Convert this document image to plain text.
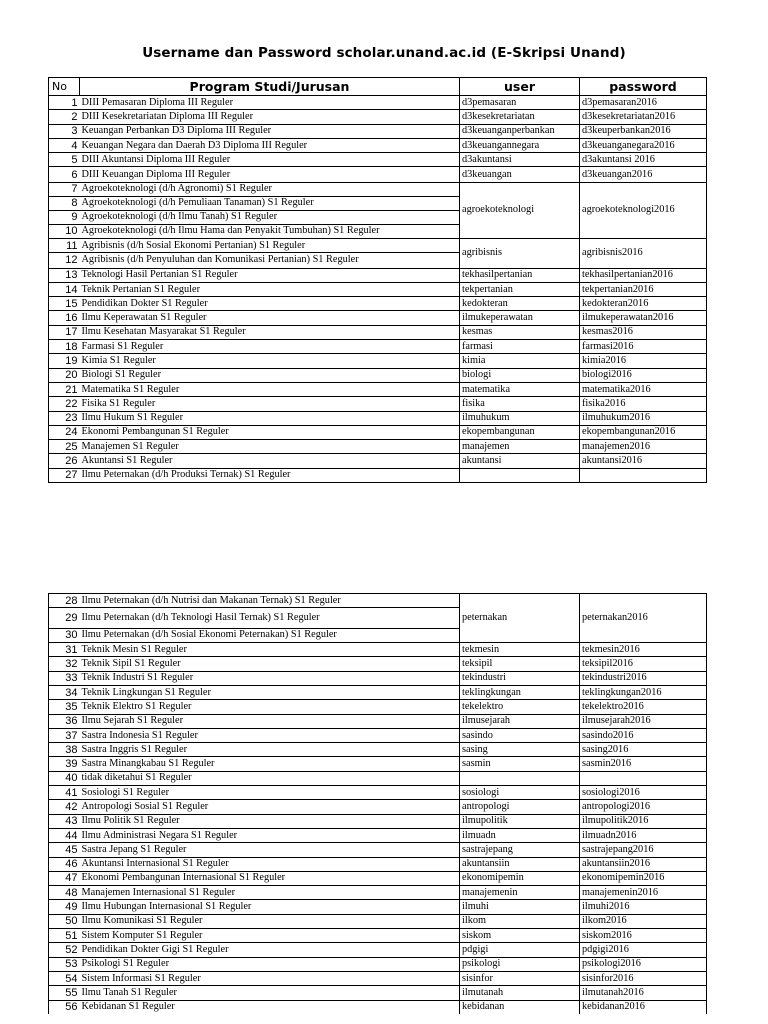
Username dan Password scholar.unand.ac.id (E-Skripsi Unand)
No	Program Studi/Jurusan	user	password
1	DIII Pemasaran Diploma III Reguler	d3pemasaran	d3pemasaran2016
2	DIII Kesekretariatan Diploma III Reguler	d3kesekretariatan	d3kesekretariatan2016
3	Keuangan Perbankan D3 Diploma III Reguler	d3keuanganperbankan	d3keuperbankan2016
4	Keuangan Negara dan Daerah D3 Diploma III Reguler	d3keuangannegara	d3keuanganegara2016
5	DIII Akuntansi Diploma III Reguler	d3akuntansi	d3akuntansi 2016
6	DIII Keuangan Diploma III Reguler	d3keuangan	d3keuangan2016
7	Agroekoteknologi (d/h Agronomi) S1 Reguler	agroekoteknologi	agroekoteknologi2016
8	Agroekoteknologi (d/h Pemuliaan Tanaman) S1 Reguler		
9	Agroekoteknologi (d/h Ilmu Tanah) S1 Reguler		
10	Agroekoteknologi (d/h Ilmu Hama dan Penyakit Tumbuhan) S1 Reguler		
11	Agribisnis (d/h Sosial Ekonomi Pertanian) S1 Reguler	agribisnis	agribisnis2016
12	Agribisnis (d/h Penyuluhan dan Komunikasi Pertanian) S1 Reguler		
13	Teknologi Hasil Pertanian S1 Reguler	tekhasilpertanian	tekhasilpertanian2016
14	Teknik Pertanian S1 Reguler	tekpertanian	tekpertanian2016
15	Pendidikan Dokter S1 Reguler	kedokteran	kedokteran2016
16	Ilmu Keperawatan S1 Reguler	ilmukeperawatan	ilmukeperawatan2016
17	Ilmu Kesehatan Masyarakat S1 Reguler	kesmas	kesmas2016
18	Farmasi S1 Reguler	farmasi	farmasi2016
19	Kimia S1 Reguler	kimia	kimia2016
20	Biologi S1 Reguler	biologi	biologi2016
21	Matematika S1 Reguler	matematika	matematika2016
22	Fisika S1 Reguler	fisika	fisika2016
23	Ilmu Hukum S1 Reguler	ilmuhukum	ilmuhukum2016
24	Ekonomi Pembangunan S1 Reguler	ekopembangunan	ekopembangunan2016
25	Manajemen S1 Reguler	manajemen	manajemen2016
26	Akuntansi S1 Reguler	akuntansi	akuntansi2016
27	Ilmu Peternakan (d/h Produksi Ternak) S1 Reguler		
28	Ilmu Peternakan (d/h Nutrisi dan Makanan Ternak) S1 Reguler	peternakan	peternakan2016
29	Ilmu Peternakan (d/h Teknologi Hasil Ternak) S1 Reguler		
30	Ilmu Peternakan (d/h Sosial Ekonomi Peternakan) S1 Reguler		
31	Teknik Mesin S1 Reguler	tekmesin	tekmesin2016
32	Teknik Sipil S1 Reguler	teksipil	teksipil2016
33	Teknik Industri S1 Reguler	tekindustri	tekindustri2016
34	Teknik Lingkungan S1 Reguler	teklingkungan	teklingkungan2016
35	Teknik Elektro S1 Reguler	tekelektro	tekelektro2016
36	Ilmu Sejarah S1 Reguler	ilmusejarah	ilmusejarah2016
37	Sastra Indonesia S1 Reguler	sasindo	sasindo2016
38	Sastra Inggris S1 Reguler	sasing	sasing2016
39	Sastra Minangkabau S1 Reguler	sasmin	sasmin2016
40	tidak diketahui S1 Reguler		
41	Sosiologi S1 Reguler	sosiologi	sosiologi2016
42	Antropologi Sosial S1 Reguler	antropologi	antropologi2016
43	Ilmu Politik S1 Reguler	ilmupolitik	ilmupolitik2016
44	Ilmu Administrasi Negara S1 Reguler	ilmuadn	ilmuadn2016
45	Sastra Jepang S1 Reguler	sastrajepang	sastrajepang2016
46	Akuntansi Internasional S1 Reguler	akuntansiin	akuntansiin2016
47	Ekonomi Pembangunan Internasional S1 Reguler	ekonomipemin	ekonomipemin2016
48	Manajemen Internasional S1 Reguler	manajemenin	manajemenin2016
49	Ilmu Hubungan Internasional S1 Reguler	ilmuhi	ilmuhi2016
50	Ilmu Komunikasi S1 Reguler	ilkom	ilkom2016
51	Sistem Komputer S1 Reguler	siskom	siskom2016
52	Pendidikan Dokter Gigi S1 Reguler	pdgigi	pdgigi2016
53	Psikologi S1 Reguler	psikologi	psikologi2016
54	Sistem Informasi S1 Reguler	sisinfor	sisinfor2016
55	Ilmu Tanah S1 Reguler	ilmutanah	ilmutanah2016
56	Kebidanan S1 Reguler	kebidanan	kebidanan2016
